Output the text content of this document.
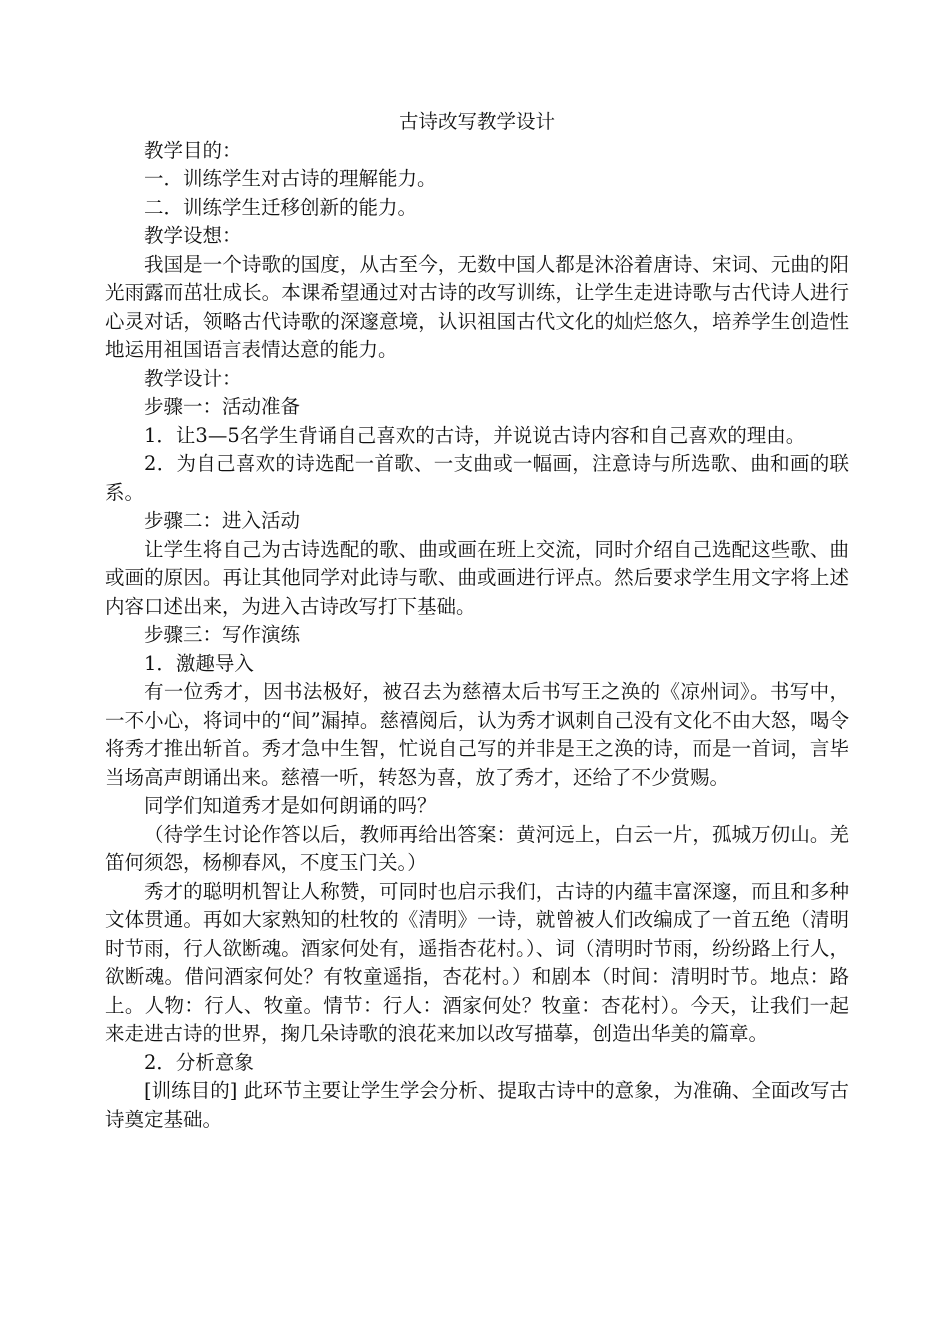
古诗改写教学设计

教学目的：

一．训练学生对古诗的理解能力。

二．训练学生迁移创新的能力。

教学设想：

我国是一个诗歌的国度，从古至今，无数中国人都是沐浴着唐诗、宋词、元曲的阳光雨露而茁壮成长。本课希望通过对古诗的改写训练，让学生走进诗歌与古代诗人进行心灵对话，领略古代诗歌的深邃意境，认识祖国古代文化的灿烂悠久，培养学生创造性地运用祖国语言表情达意的能力。

教学设计：

步骤一：活动准备

1．让3—5名学生背诵自己喜欢的古诗，并说说古诗内容和自己喜欢的理由。

2．为自己喜欢的诗选配一首歌、一支曲或一幅画，注意诗与所选歌、曲和画的联系。

步骤二：进入活动

让学生将自己为古诗选配的歌、曲或画在班上交流，同时介绍自己选配这些歌、曲或画的原因。再让其他同学对此诗与歌、曲或画进行评点。然后要求学生用文字将上述内容口述出来，为进入古诗改写打下基础。

步骤三：写作演练

1．激趣导入

有一位秀才，因书法极好，被召去为慈禧太后书写王之涣的《凉州词》。书写中，一不小心，将词中的“间”漏掉。慈禧阅后，认为秀才讽刺自己没有文化不由大怒，喝令将秀才推出斩首。秀才急中生智，忙说自己写的并非是王之涣的诗，而是一首词，言毕当场高声朗诵出来。慈禧一听，转怒为喜，放了秀才，还给了不少赏赐。

同学们知道秀才是如何朗诵的吗？

（待学生讨论作答以后，教师再给出答案：黄河远上，白云一片，孤城万仞山。羌笛何须怨，杨柳春风，不度玉门关。）

秀才的聪明机智让人称赞，可同时也启示我们，古诗的内蕴丰富深邃，而且和多种文体贯通。再如大家熟知的杜牧的《清明》一诗，就曾被人们改编成了一首五绝（清明时节雨，行人欲断魂。酒家何处有，遥指杏花村。）、词（清明时节雨，纷纷路上行人，欲断魂。借问酒家何处？有牧童遥指，杏花村。）和剧本（时间：清明时节。地点：路上。人物：行人、牧童。情节：行人：酒家何处？牧童：杏花村）。今天，让我们一起来走进古诗的世界，掬几朵诗歌的浪花来加以改写描摹，创造出华美的篇章。

2．分析意象

[训练目的] 此环节主要让学生学会分析、提取古诗中的意象，为准确、全面改写古诗奠定基础。
